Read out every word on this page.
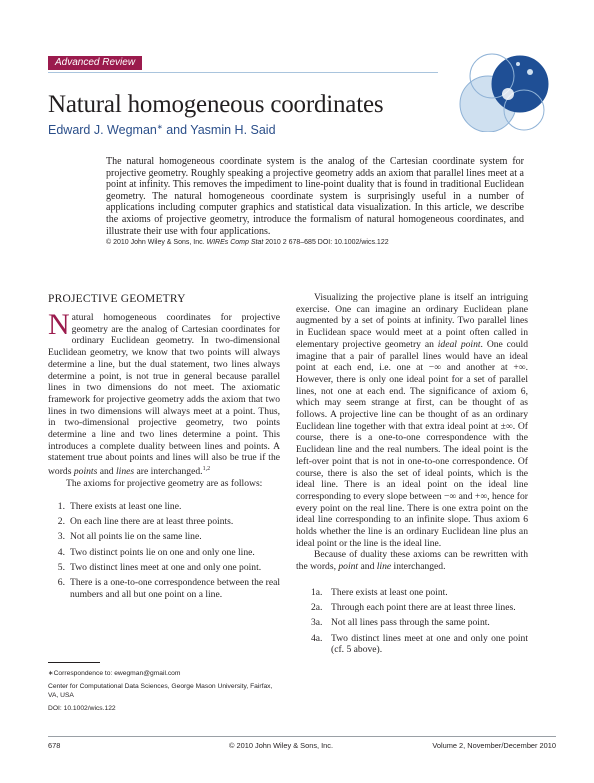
Advanced Review
Natural homogeneous coordinates
Edward J. Wegman∗ and Yasmin H. Said
The natural homogeneous coordinate system is the analog of the Cartesian coordinate system for projective geometry. Roughly speaking a projective geometry adds an axiom that parallel lines meet at a point at infinity. This removes the impediment to line-point duality that is found in traditional Euclidean geometry. The natural homogeneous coordinate system is surprisingly useful in a number of applications including computer graphics and statistical data visualization. In this article, we describe the axioms of projective geometry, introduce the formalism of natural homogeneous coordinates, and illustrate their use with four applications.
© 2010 John Wiley & Sons, Inc. WIREs Comp Stat 2010 2 678–685 DOI: 10.1002/wics.122
PROJECTIVE GEOMETRY

Natural homogeneous coordinates for projective geometry are the analog of Cartesian coordinates for ordinary Euclidean geometry. In two-dimensional Euclidean geometry, we know that two points will always determine a line, but the dual statement, two lines always determine a point, is not true in general because parallel lines in two dimensions do not meet. The axiomatic framework for projective geometry adds the axiom that two lines in two dimensions will always meet at a point. Thus, in two-dimensional projective geometry, two points determine a line and two lines determine a point. This introduces a complete duality between lines and points. A statement true about points and lines will also be true if the words points and lines are interchanged.$^{1,2}$

The axioms for projective geometry are as follows:

1. There exists at least one line.
2. On each line there are at least three points.
3. Not all points lie on the same line.
4. Two distinct points lie on one and only one line.
5. Two distinct lines meet at one and only one point.
6. There is a one-to-one correspondence between the real numbers and all but one point on a line.
∗Correspondence to: ewegman@gmail.com
Center for Computational Data Sciences, George Mason University, Fairfax, VA, USA
DOI: 10.1002/wics.122

Visualizing the projective plane is itself an intriguing exercise. One can imagine an ordinary Euclidean plane augmented by a set of points at infinity. Two parallel lines in Euclidean space would meet at a point often called in elementary projective geometry an ideal point. One could imagine that a pair of parallel lines would have an ideal point at each end, i.e. one at −∞ and another at +∞. However, there is only one ideal point for a set of parallel lines, not one at each end. The significance of axiom 6, which may seem strange at first, can be thought of as follows. A projective line can be thought of as an ordinary Euclidean line together with that extra ideal point at ±∞. Of course, there is a one-to-one correspondence with the Euclidean line and the real numbers. The ideal point is the left-over point that is not in one-to-one correspondence. Of course, there is also the set of ideal points, which is the ideal line. There is an ideal point on the ideal line corresponding to every slope between −∞ and +∞, hence for every point on the real line. There is one extra point on the ideal line corresponding to an infinite slope. Thus axiom 6 holds whether the line is an ordinary Euclidean line plus an ideal point or the line is the ideal line.

Because of duality these axioms can be rewritten with the words, point and line interchanged.

1a. There exists at least one point.
2a. Through each point there are at least three lines.
3a. Not all lines pass through the same point.
4a. Two distinct lines meet at one and only one point (cf. 5 above).
678	© 2010 John Wiley & Sons, Inc.	Volume 2, November/December 2010
